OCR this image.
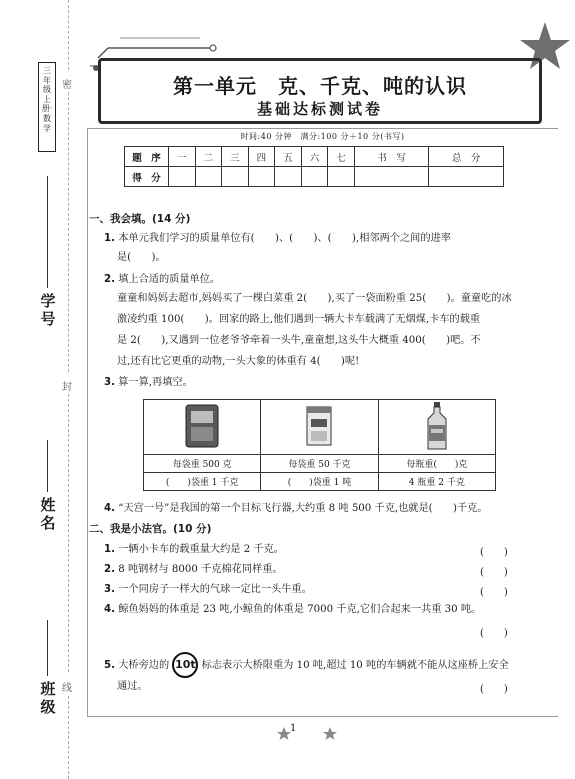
三年级上册·数学
密
封
线
学号
姓名
班级
第一单元　克、千克、吨的认识
基础达标测试卷
时间:40 分钟　满分:100 分＋10 分(书写)
题　序	一	二	三	四	五	六	七	书　写	总　分
得　分									
一、我会填。(14 分)
1. 本单元我们学习的质量单位有(　　)、(　　)、(　　),相邻两个之间的进率
是(　　)。
2. 填上合适的质量单位。
童童和妈妈去超市,妈妈买了一棵白菜重 2(　　),买了一袋面粉重 25(　　)。童童吃的冰
激凌约重 100(　　)。回家的路上,他们遇到一辆大卡车载满了无烟煤,卡车的载重
是 2(　　),又遇到一位老爷爷牵着一头牛,童童想,这头牛大概重 400(　　)吧。不
过,还有比它更重的动物,一头大象的体重有 4(　　)呢!
3. 算一算,再填空。

每袋重 500 克	每袋重 50 千克	每瓶重(　　)克
(　　)袋重 1 千克	(　　)袋重 1 吨	4 瓶重 2 千克
4. “天宫一号”是我国的第一个目标飞行器,大约重 8 吨 500 千克,也就是(　　)千克。
二、我是小法官。(10 分)
1. 一辆小卡车的载重量大约是 2 千克。	(　　)
2. 8 吨钢材与 8000 千克棉花同样重。	(　　)
3. 一个同房子一样大的气球一定比一头牛重。	(　　)
4. 鲸鱼妈妈的体重是 23 吨,小鲸鱼的体重是 7000 千克,它们合起来一共重 30 吨。
(　　)
5. 大桥旁边的 10t 标志表示大桥限重为 10 吨,超过 10 吨的车辆就不能从这座桥上安全
通过。	(　　)
1
